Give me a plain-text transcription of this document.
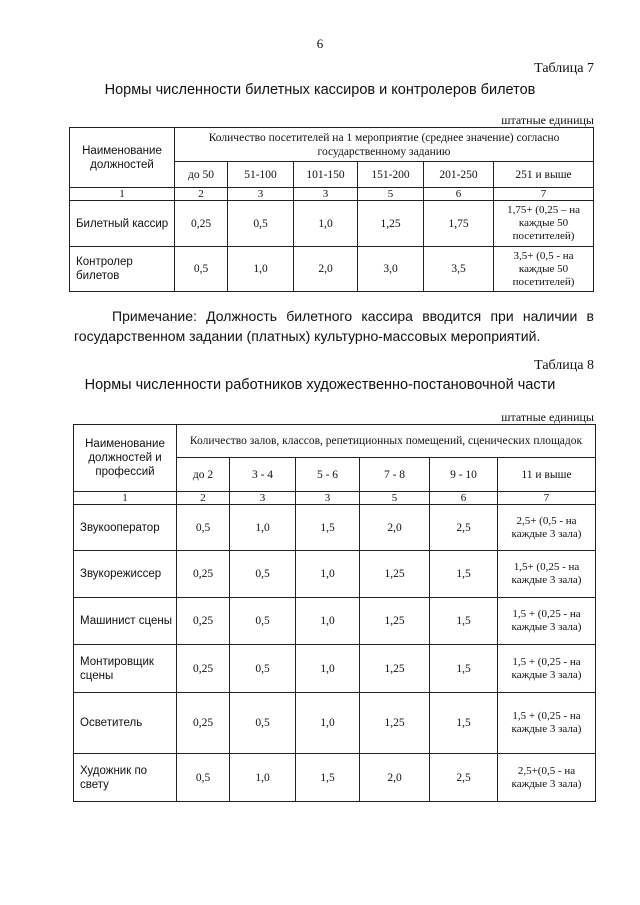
6
Таблица 7
Нормы численности билетных кассиров и контролеров билетов
штатные единицы
Наименование должностей	Количество посетителей на 1 мероприятие (среднее значение) согласно государственному заданию					
	до 50	51-100	101-150	151-200	201-250	251 и выше
1	2	3	3	5	6	7
Билетный кассир	0,25	0,5	1,0	1,25	1,75	1,75+ (0,25 – на каждые 50 посетителей)
Контролер билетов	0,5	1,0	2,0	3,0	3,5	3,5+ (0,5 - на каждые 50 посетителей)
Примечание: Должность билетного кассира вводится при наличии в государственном задании (платных) культурно-массовых мероприятий.
Таблица 8
Нормы численности работников художественно-постановочной части
штатные единицы
Наименование должностей и профессий	Количество залов, классов, репетиционных помещений, сценических площадок					
	до 2	3 - 4	5 - 6	7 - 8	9 - 10	11 и выше
1	2	3	3	5	6	7
Звукооператор	0,5	1,0	1,5	2,0	2,5	2,5+ (0,5 - на каждые 3 зала)
Звукорежиссер	0,25	0,5	1,0	1,25	1,5	1,5+ (0,25 - на каждые 3 зала)
Машинист сцены	0,25	0,5	1,0	1,25	1,5	1,5 + (0,25 - на каждые 3 зала)
Монтировщик сцены	0,25	0,5	1,0	1,25	1,5	1,5 + (0,25 - на каждые 3 зала)
Осветитель	0,25	0,5	1,0	1,25	1,5	1,5 + (0,25 - на каждые 3 зала)
Художник по свету	0,5	1,0	1,5	2,0	2,5	2,5+(0,5 - на каждые 3 зала)
